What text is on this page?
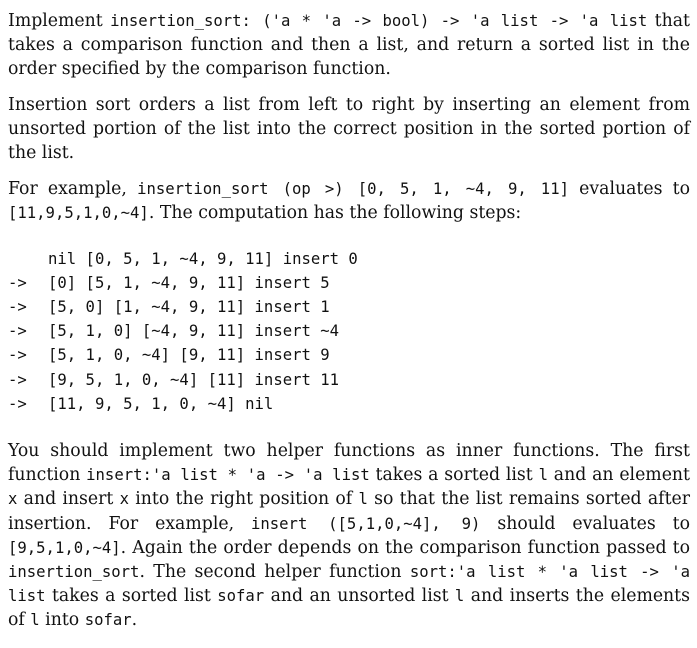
Implement insertion_sort: ('a * 'a -> bool) -> 'a list -> 'a list that takes a comparison function and then a list, and return a sorted list in the order specified by the comparison function.

Insertion sort orders a list from left to right by inserting an element from unsorted portion of the list into the correct position in the sorted portion of the list.

For example, insertion_sort (op >) [0, 5, 1, ~4, 9, 11] evaluates to [11,9,5,1,0,~4]. The computation has the following steps:

nil [0, 5, 1, ~4, 9, 11] insert 0
->	[0] [5, 1, ~4, 9, 11] insert 5
->	[5, 0] [1, ~4, 9, 11] insert 1
->	[5, 1, 0] [~4, 9, 11] insert ~4
->	[5, 1, 0, ~4] [9, 11] insert 9
->	[9, 5, 1, 0, ~4] [11] insert 11
->	[11, 9, 5, 1, 0, ~4] nil

You should implement two helper functions as inner functions. The first function insert:'a list * 'a -> 'a list takes a sorted list l and an element x and insert x into the right position of l so that the list remains sorted after insertion. For example, insert ([5,1,0,~4], 9) should evaluates to [9,5,1,0,~4]. Again the order depends on the comparison function passed to insertion_sort. The second helper function sort:'a list * 'a list -> 'a list takes a sorted list sofar and an unsorted list l and inserts the elements of l into sofar.
